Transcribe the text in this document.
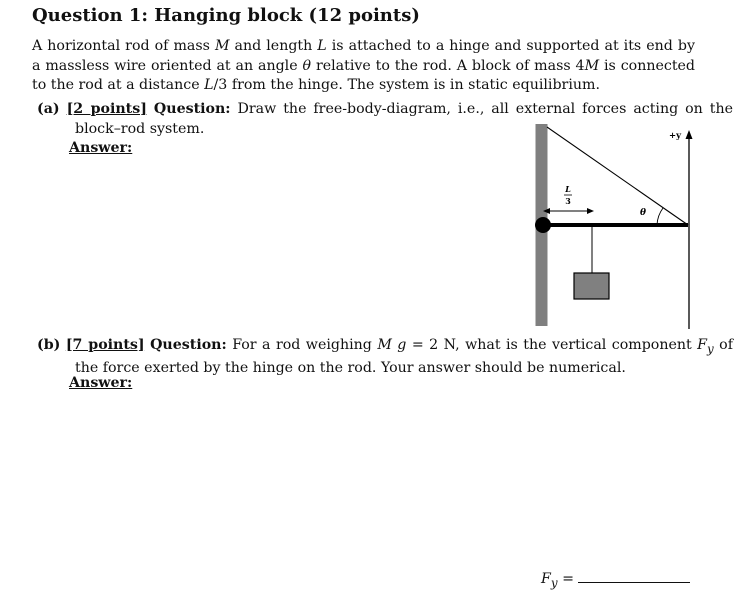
Question 1: Hanging block (12 points)
A horizontal rod of mass M and length L is attached to a hinge and supported at its end by a massless wire oriented at an angle θ relative to the rod. A block of mass 4M is connected to the rod at a distance L/3 from the hinge. The system is in static equilibrium.
(a) [2 points] Question: Draw the free-body-diagram, i.e., all external forces acting on the block–rod system.
Answer:
θ
L
3
+y
(b) [7 points] Question: For a rod weighing M g = 2 N, what is the vertical component $F_y$ of the force exerted by the hinge on the rod. Your answer should be numerical.
Answer:
$F_y$ =
